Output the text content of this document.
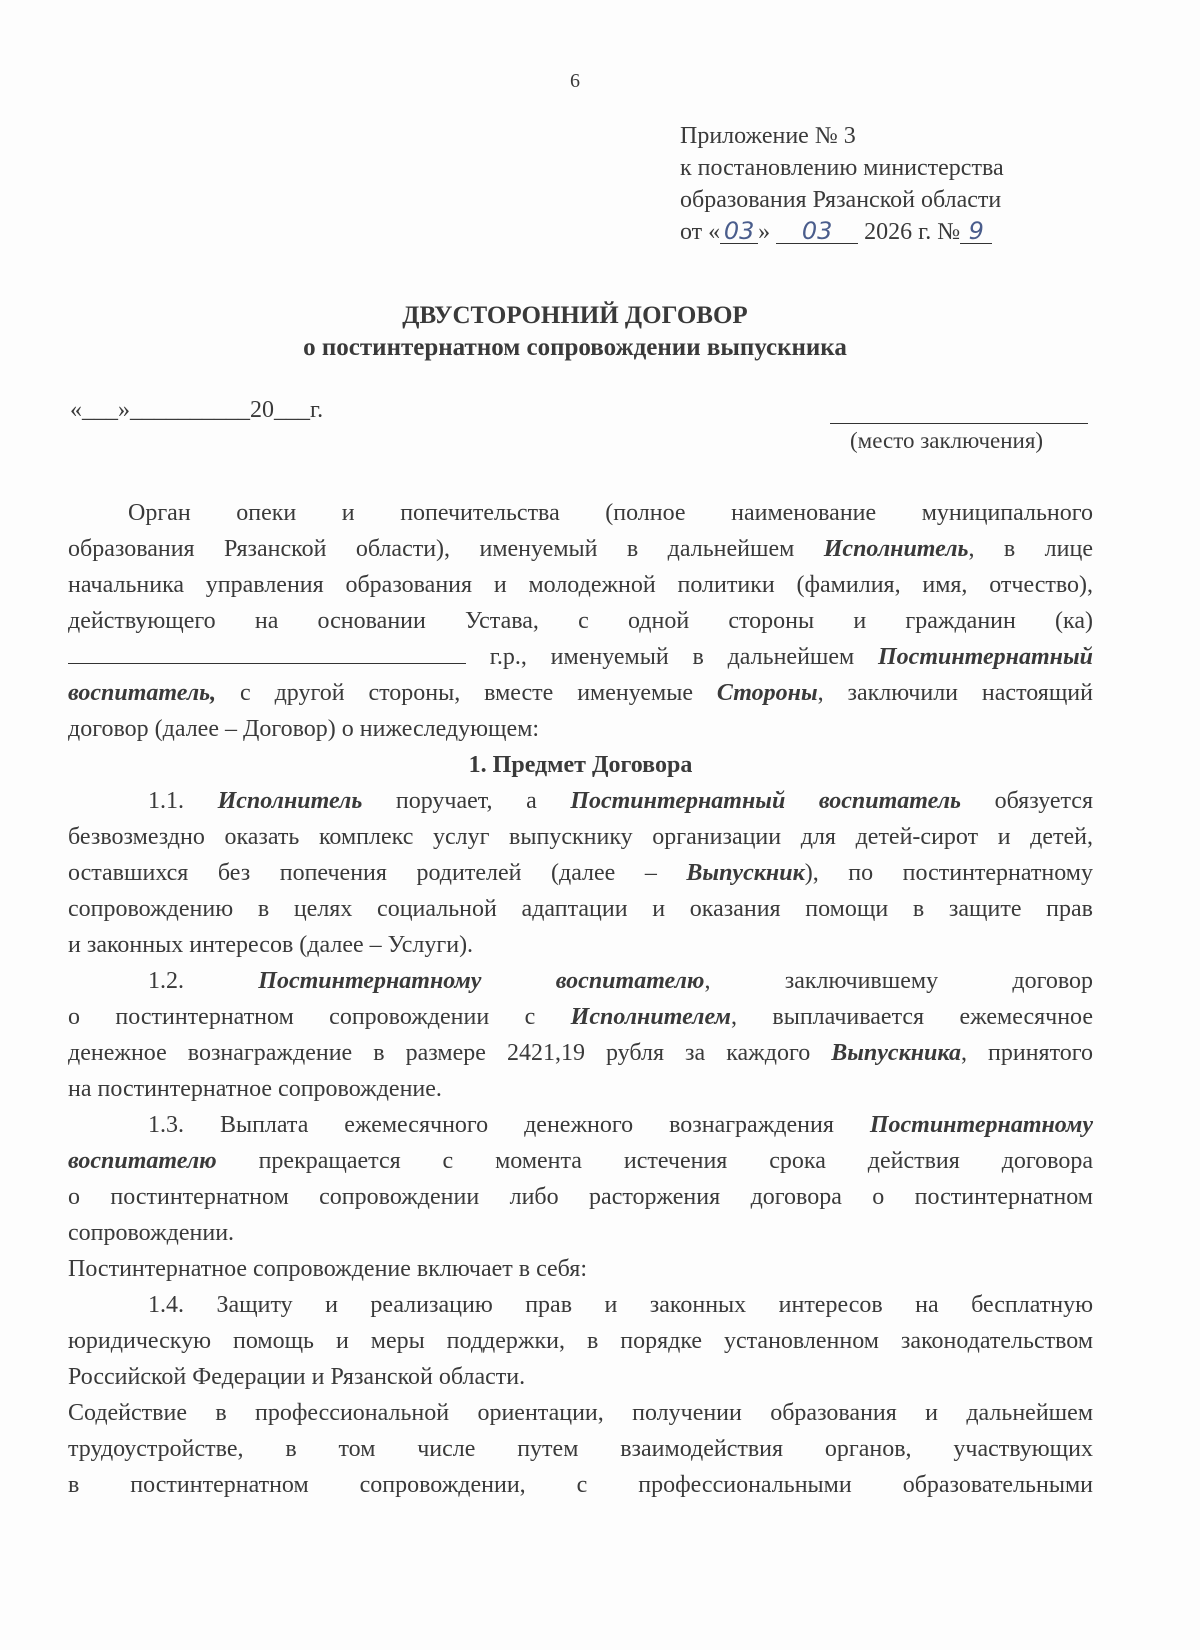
6
Приложение № 3
к постановлению министерства
образования Рязанской области
от « 03 » 03 2026 г. № 9
ДВУСТОРОННИЙ ДОГОВОР
о постинтернатном сопровождении выпускника
«___»__________20___г.
(место заключения)
Орган опеки и попечительства (полное наименование муниципального
образования Рязанской области), именуемый в дальнейшем Исполнитель, в лице
начальника управления образования и молодежной политики (фамилия, имя, отчество),
действующего на основании Устава, с одной стороны и гражданин (ка)
г.р., именуемый в дальнейшем Постинтернатный
воспитатель, с другой стороны, вместе именуемые Стороны, заключили настоящий
договор (далее – Договор) о нижеследующем:
1. Предмет Договора
1.1. Исполнитель поручает, а Постинтернатный воспитатель обязуется
безвозмездно оказать комплекс услуг выпускнику организации для детей-сирот и детей,
оставшихся без попечения родителей (далее – Выпускник), по постинтернатному
сопровождению в целях социальной адаптации и оказания помощи в защите прав
и законных интересов (далее – Услуги).
1.2.	Постинтернатному	воспитателю,	заключившему	договор
о постинтернатном сопровождении с Исполнителем, выплачивается ежемесячное
денежное вознаграждение в размере 2421,19 рубля за каждого Выпускника, принятого
на постинтернатное сопровождение.
1.3. Выплата ежемесячного денежного вознаграждения Постинтернатному
воспитателю прекращается с момента истечения срока действия договора
о постинтернатном сопровождении либо расторжения договора о постинтернатном
сопровождении.
Постинтернатное сопровождение включает в себя:
1.4. Защиту и реализацию прав и законных интересов на бесплатную
юридическую помощь и меры поддержки, в порядке установленном законодательством
Российской Федерации и Рязанской области.
Содействие в профессиональной ориентации, получении образования и дальнейшем
трудоустройстве, в том числе путем взаимодействия органов, участвующих
в постинтернатном сопровождении, с профессиональными образовательными
